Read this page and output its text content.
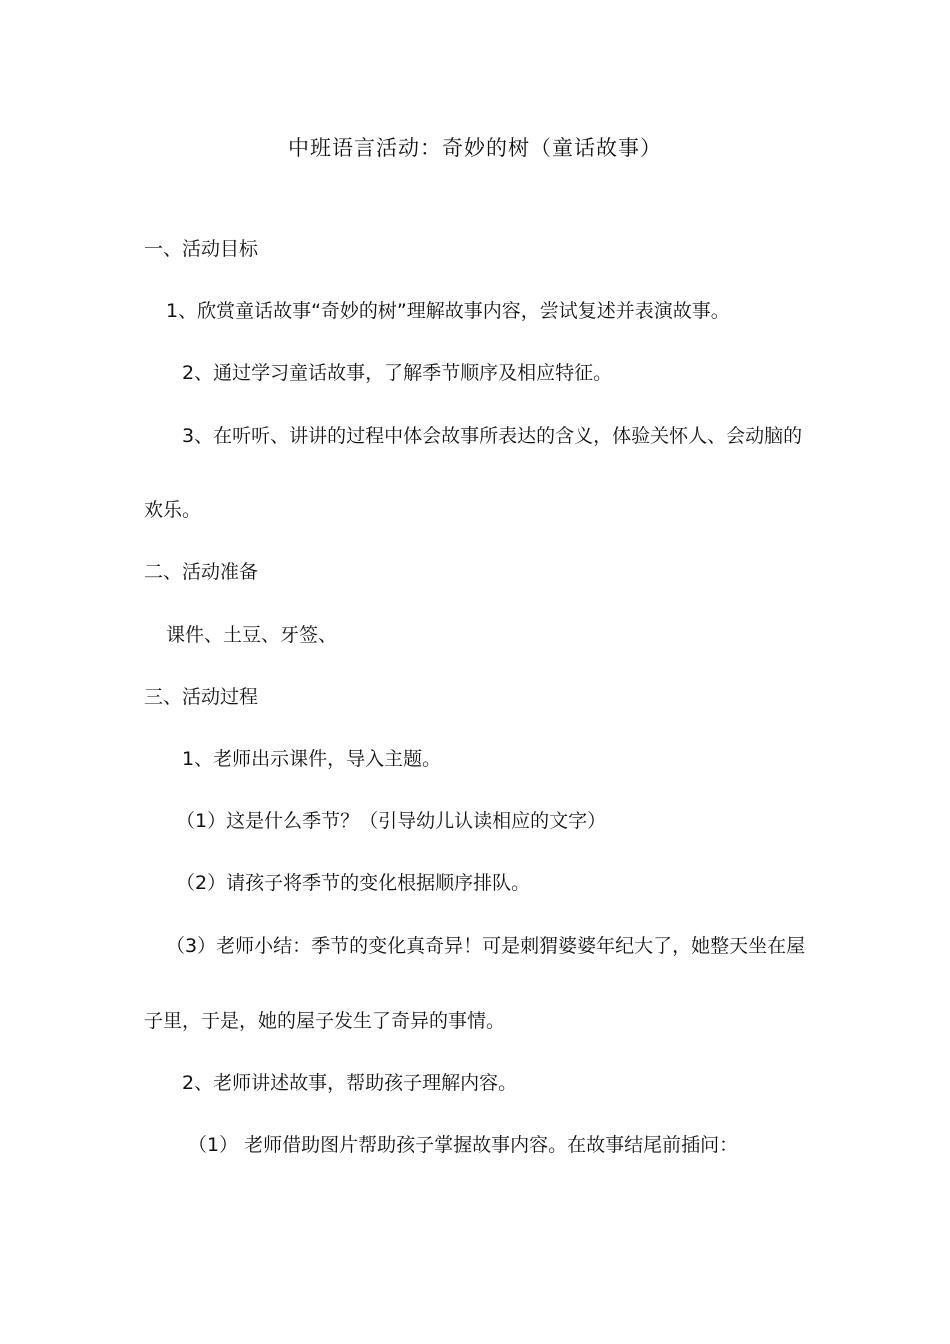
中班语言活动：奇妙的树（童话故事）
一、活动目标
1、欣赏童话故事“奇妙的树”理解故事内容，尝试复述并表演故事。
2、通过学习童话故事，了解季节顺序及相应特征。
3、在听听、讲讲的过程中体会故事所表达的含义，体验关怀人、会动脑的
欢乐。
二、活动准备
课件、土豆、牙签、
三、活动过程
1、老师出示课件，导入主题。
（1）这是什么季节？（引导幼儿认读相应的文字）
（2）请孩子将季节的变化根据顺序排队。
（3）老师小结：季节的变化真奇异！可是刺猬婆婆年纪大了，她整天坐在屋
子里，于是，她的屋子发生了奇异的事情。
2、老师讲述故事，帮助孩子理解内容。
（1） 老师借助图片帮助孩子掌握故事内容。在故事结尾前插问：
